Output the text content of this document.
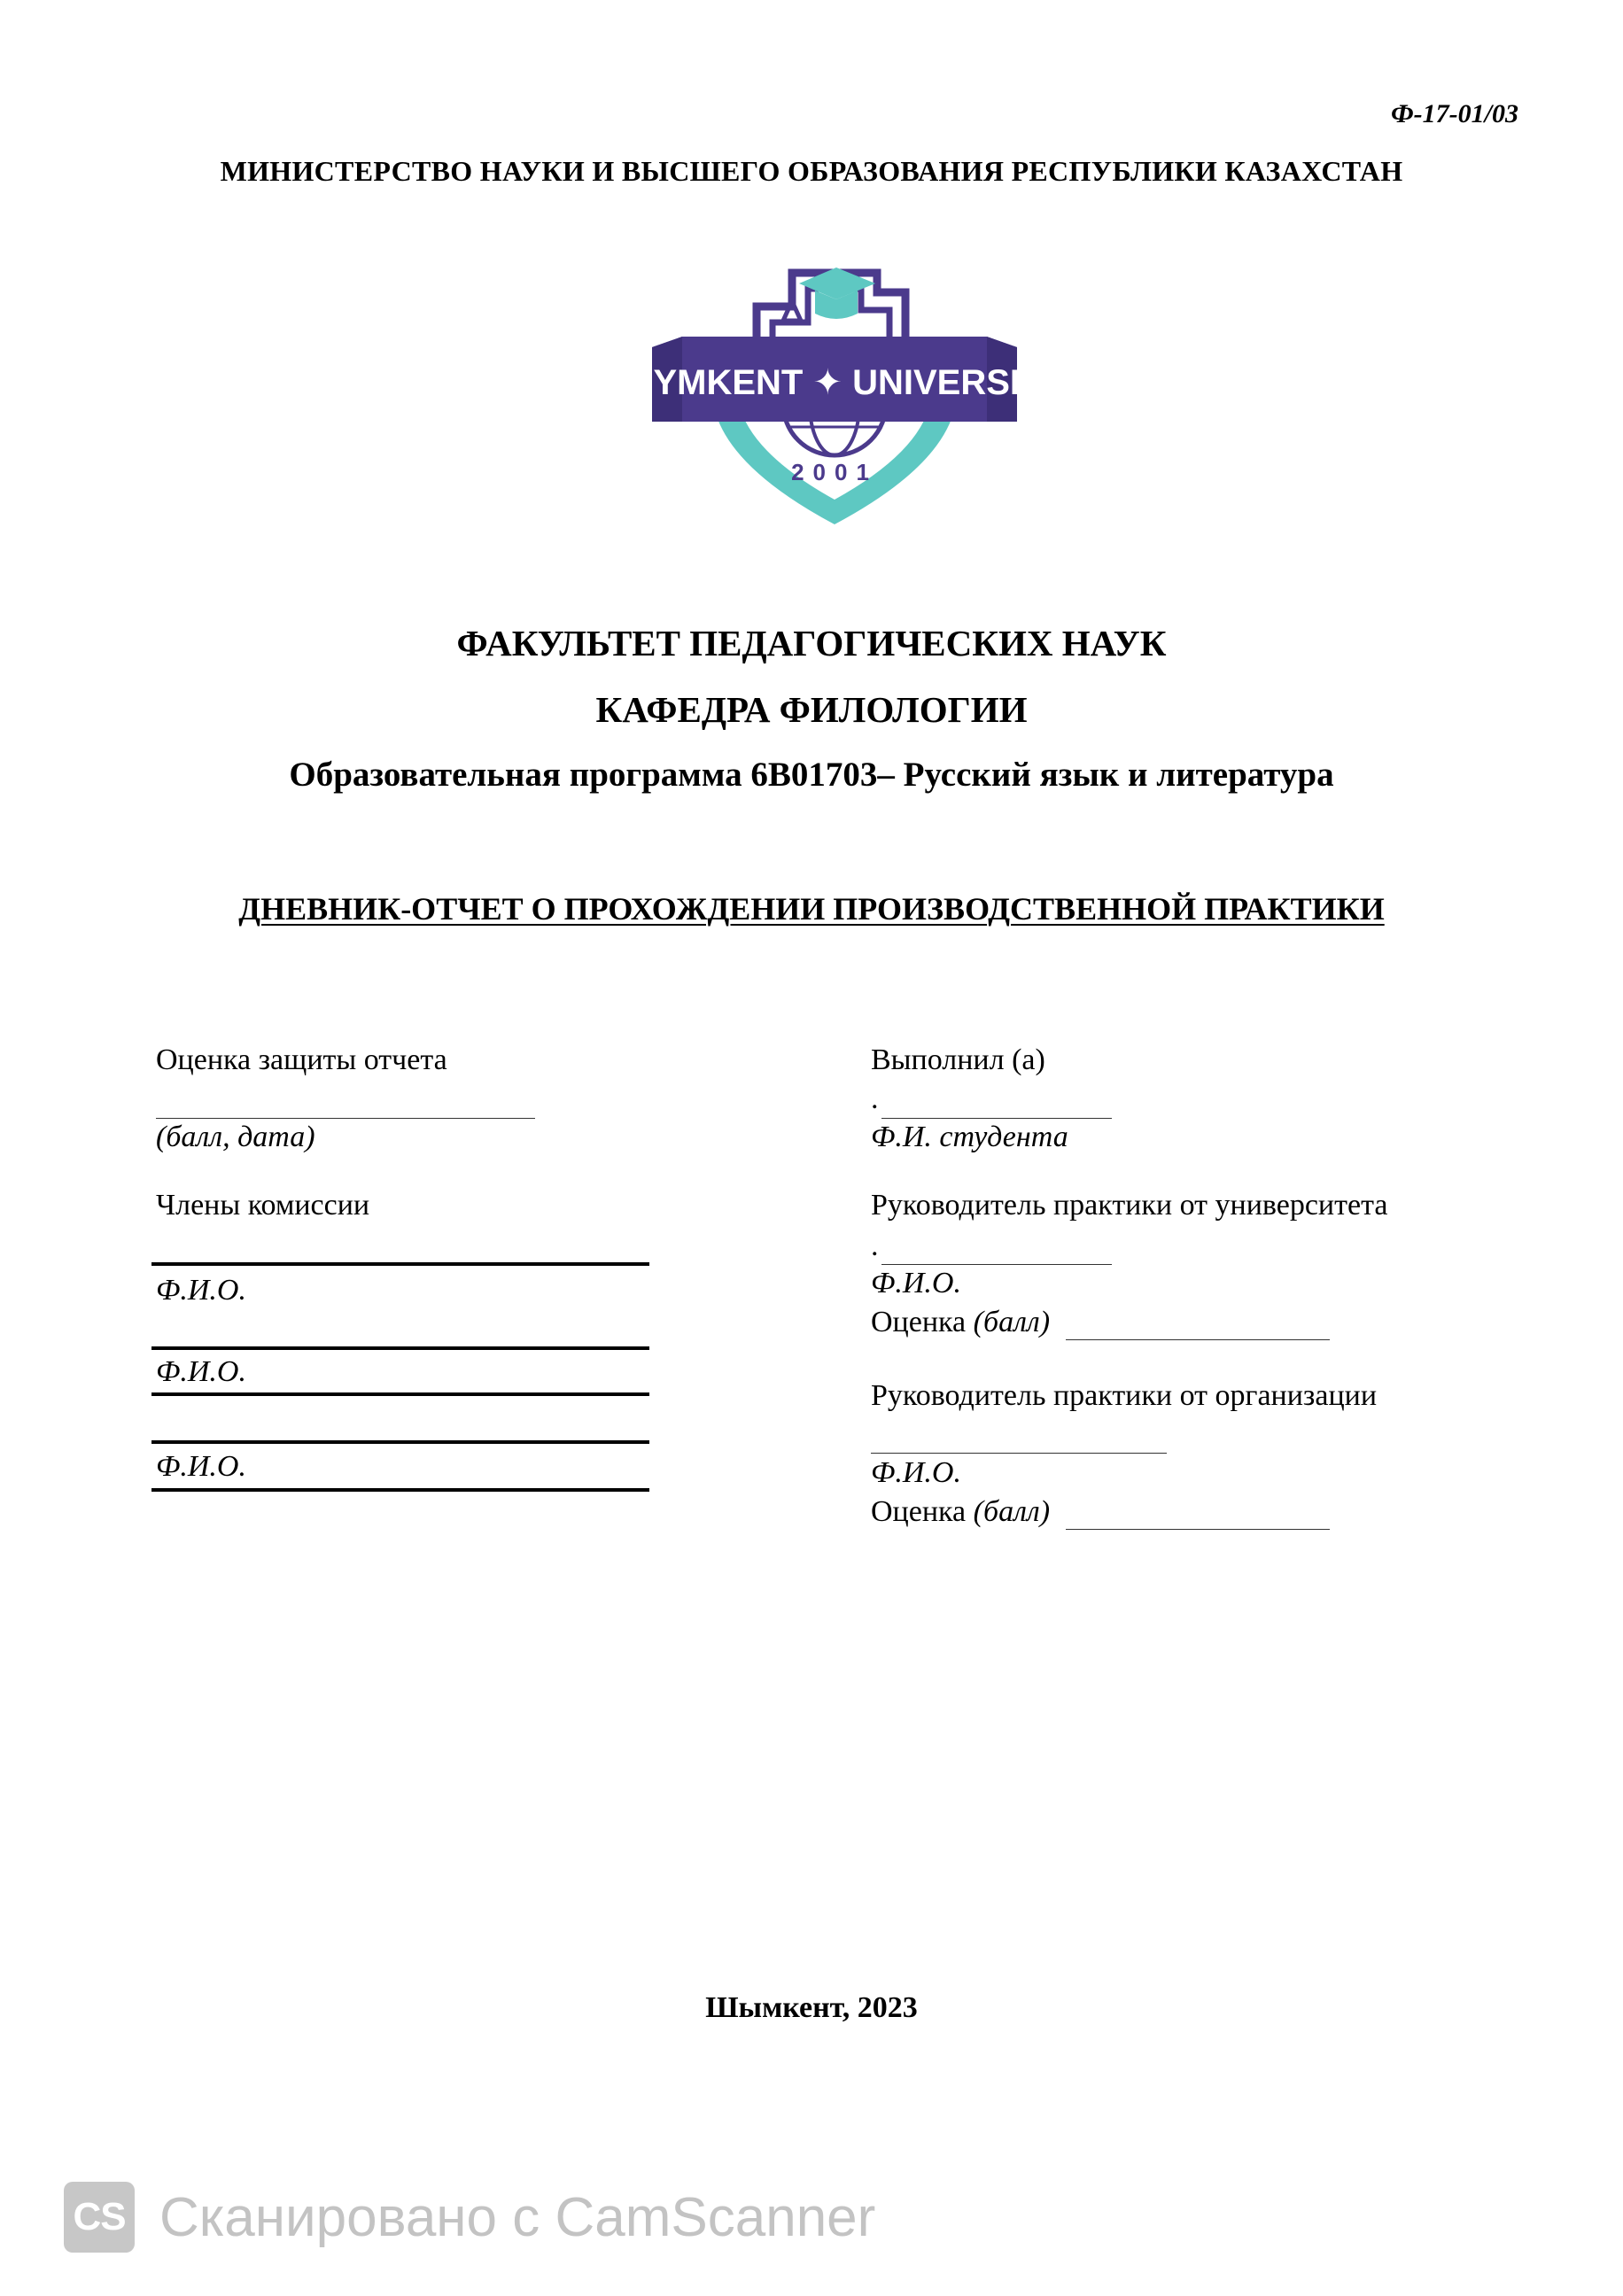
Ф-17-01/03
МИНИСТЕРСТВО НАУКИ И ВЫСШЕГО ОБРАЗОВАНИЯ РЕСПУБЛИКИ КАЗАХСТАН
SHYMKENT ✦ UNIVERSITY
2001
ФАКУЛЬТЕТ ПЕДАГОГИЧЕСКИХ НАУК
КАФЕДРА ФИЛОЛОГИИ
Образовательная программа 6В01703– Русский язык и литература
ДНЕВНИК-ОТЧЕТ О ПРОХОЖДЕНИИ ПРОИЗВОДСТВЕННОЙ ПРАКТИКИ
Оценка защиты отчета
(балл, дата)
Члены комиссии
Ф.И.О.
Ф.И.О.
Ф.И.О.
Выполнил (а)
.
Ф.И. студента
Руководитель практики от университета
.
Ф.И.О.
Оценка (балл)
Руководитель практики от организации
Ф.И.О.
Оценка (балл)
Шымкент, 2023
CS Сканировано с CamScanner
